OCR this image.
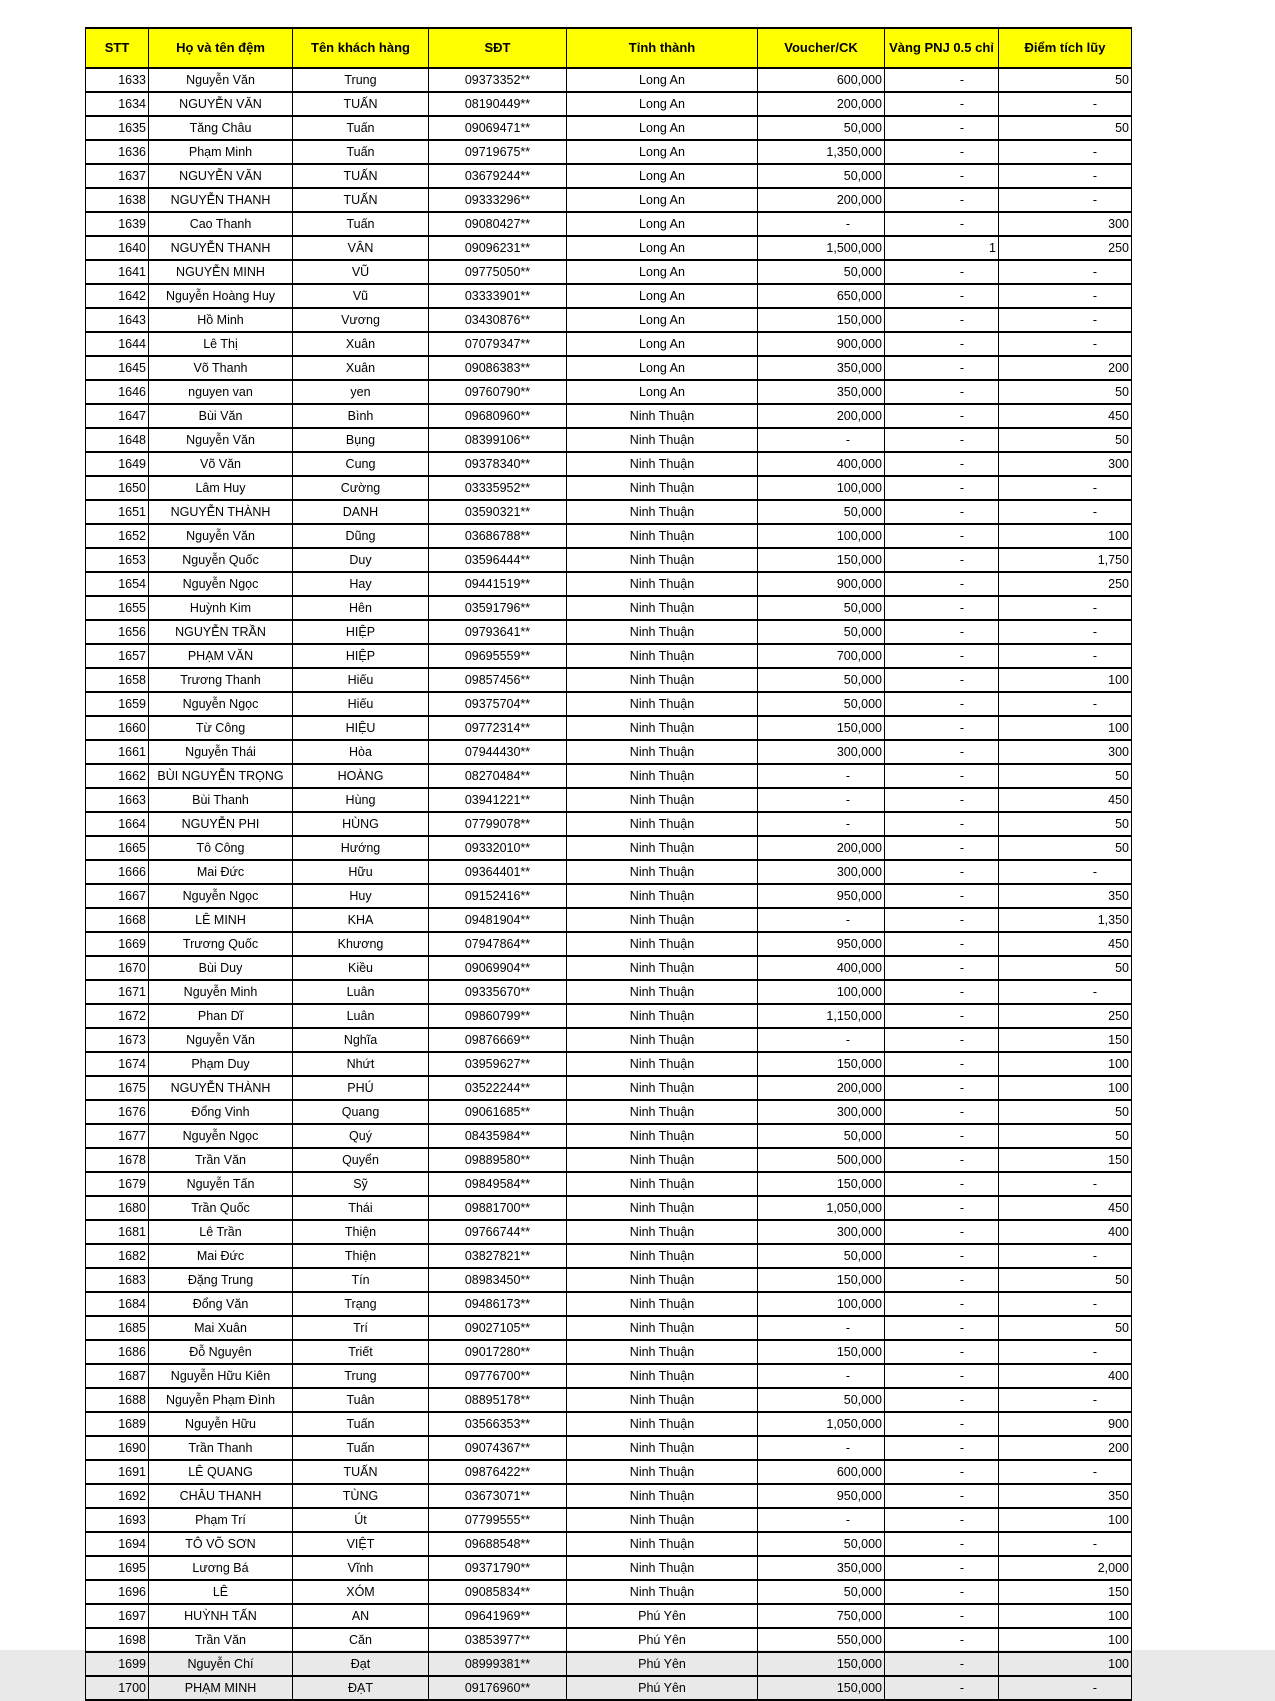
STT	Họ và tên đệm	Tên khách hàng	SĐT	Tỉnh thành	Voucher/CK	Vàng PNJ 0.5 chỉ	Điểm tích lũy
1633	Nguyễn Văn	Trung	09373352**	Long An	600,000	-	50
1634	NGUYỄN VĂN	TUẤN	08190449**	Long An	200,000	-	-
1635	Tăng Châu	Tuấn	09069471**	Long An	50,000	-	50
1636	Phạm Minh	Tuấn	09719675**	Long An	1,350,000	-	-
1637	NGUYỄN VĂN	TUẤN	03679244**	Long An	50,000	-	-
1638	NGUYỄN THANH	TUẤN	09333296**	Long An	200,000	-	-
1639	Cao Thanh	Tuấn	09080427**	Long An	-	-	300
1640	NGUYỄN THANH	VÂN	09096231**	Long An	1,500,000	1	250
1641	NGUYỄN MINH	VŨ	09775050**	Long An	50,000	-	-
1642	Nguyễn Hoàng Huy	Vũ	03333901**	Long An	650,000	-	-
1643	Hồ Minh	Vương	03430876**	Long An	150,000	-	-
1644	Lê Thị	Xuân	07079347**	Long An	900,000	-	-
1645	Võ Thanh	Xuân	09086383**	Long An	350,000	-	200
1646	nguyen van	yen	09760790**	Long An	350,000	-	50
1647	Bùi Văn	Bình	09680960**	Ninh Thuận	200,000	-	450
1648	Nguyễn Văn	Bụng	08399106**	Ninh Thuận	-	-	50
1649	Võ Văn	Cung	09378340**	Ninh Thuận	400,000	-	300
1650	Lâm Huy	Cường	03335952**	Ninh Thuận	100,000	-	-
1651	NGUYỄN THÀNH	DANH	03590321**	Ninh Thuận	50,000	-	-
1652	Nguyễn Văn	Dũng	03686788**	Ninh Thuận	100,000	-	100
1653	Nguyễn Quốc	Duy	03596444**	Ninh Thuận	150,000	-	1,750
1654	Nguyễn Ngọc	Hay	09441519**	Ninh Thuận	900,000	-	250
1655	Huỳnh Kim	Hên	03591796**	Ninh Thuận	50,000	-	-
1656	NGUYỄN TRẦN	HIỆP	09793641**	Ninh Thuận	50,000	-	-
1657	PHẠM VĂN	HIỆP	09695559**	Ninh Thuận	700,000	-	-
1658	Trương Thanh	Hiếu	09857456**	Ninh Thuận	50,000	-	100
1659	Nguyễn Ngọc	Hiếu	09375704**	Ninh Thuận	50,000	-	-
1660	Từ Công	HIỆU	09772314**	Ninh Thuận	150,000	-	100
1661	Nguyễn Thái	Hòa	07944430**	Ninh Thuận	300,000	-	300
1662	BÙI NGUYỄN TRỌNG	HOÀNG	08270484**	Ninh Thuận	-	-	50
1663	Bùi Thanh	Hùng	03941221**	Ninh Thuận	-	-	450
1664	NGUYỄN PHI	HÙNG	07799078**	Ninh Thuận	-	-	50
1665	Tô Công	Hướng	09332010**	Ninh Thuận	200,000	-	50
1666	Mai Đức	Hữu	09364401**	Ninh Thuận	300,000	-	-
1667	Nguyễn Ngọc	Huy	09152416**	Ninh Thuận	950,000	-	350
1668	LÊ MINH	KHA	09481904**	Ninh Thuận	-	-	1,350
1669	Trương Quốc	Khương	07947864**	Ninh Thuận	950,000	-	450
1670	Bùi Duy	Kiều	09069904**	Ninh Thuận	400,000	-	50
1671	Nguyễn Minh	Luân	09335670**	Ninh Thuận	100,000	-	-
1672	Phan Dĩ	Luân	09860799**	Ninh Thuận	1,150,000	-	250
1673	Nguyễn Văn	Nghĩa	09876669**	Ninh Thuận	-	-	150
1674	Phạm Duy	Nhứt	03959627**	Ninh Thuận	150,000	-	100
1675	NGUYỄN THÀNH	PHÚ	03522244**	Ninh Thuận	200,000	-	100
1676	Đổng Vinh	Quang	09061685**	Ninh Thuận	300,000	-	50
1677	Nguyễn Ngọc	Quý	08435984**	Ninh Thuận	50,000	-	50
1678	Trần Văn	Quyển	09889580**	Ninh Thuận	500,000	-	150
1679	Nguyễn Tấn	Sỹ	09849584**	Ninh Thuận	150,000	-	-
1680	Trần Quốc	Thái	09881700**	Ninh Thuận	1,050,000	-	450
1681	Lê Trần	Thiện	09766744**	Ninh Thuận	300,000	-	400
1682	Mai Đức	Thiện	03827821**	Ninh Thuận	50,000	-	-
1683	Đặng Trung	Tín	08983450**	Ninh Thuận	150,000	-	50
1684	Đổng Văn	Trạng	09486173**	Ninh Thuận	100,000	-	-
1685	Mai Xuân	Trí	09027105**	Ninh Thuận	-	-	50
1686	Đỗ Nguyên	Triết	09017280**	Ninh Thuận	150,000	-	-
1687	Nguyễn Hữu Kiên	Trung	09776700**	Ninh Thuận	-	-	400
1688	Nguyễn Phạm Đình	Tuân	08895178**	Ninh Thuận	50,000	-	-
1689	Nguyễn Hữu	Tuấn	03566353**	Ninh Thuận	1,050,000	-	900
1690	Trần Thanh	Tuấn	09074367**	Ninh Thuận	-	-	200
1691	LÊ QUANG	TUẤN	09876422**	Ninh Thuận	600,000	-	-
1692	CHÂU THANH	TÙNG	03673071**	Ninh Thuận	950,000	-	350
1693	Phạm Trí	Út	07799555**	Ninh Thuận	-	-	100
1694	TÔ VÕ SƠN	VIỆT	09688548**	Ninh Thuận	50,000	-	-
1695	Lương Bá	Vĩnh	09371790**	Ninh Thuận	350,000	-	2,000
1696	LÊ	XÓM	09085834**	Ninh Thuận	50,000	-	150
1697	HUỲNH TẤN	AN	09641969**	Phú Yên	750,000	-	100
1698	Trần Văn	Căn	03853977**	Phú Yên	550,000	-	100
1699	Nguyễn Chí	Đạt	08999381**	Phú Yên	150,000	-	100
1700	PHẠM MINH	ĐẠT	09176960**	Phú Yên	150,000	-	-
